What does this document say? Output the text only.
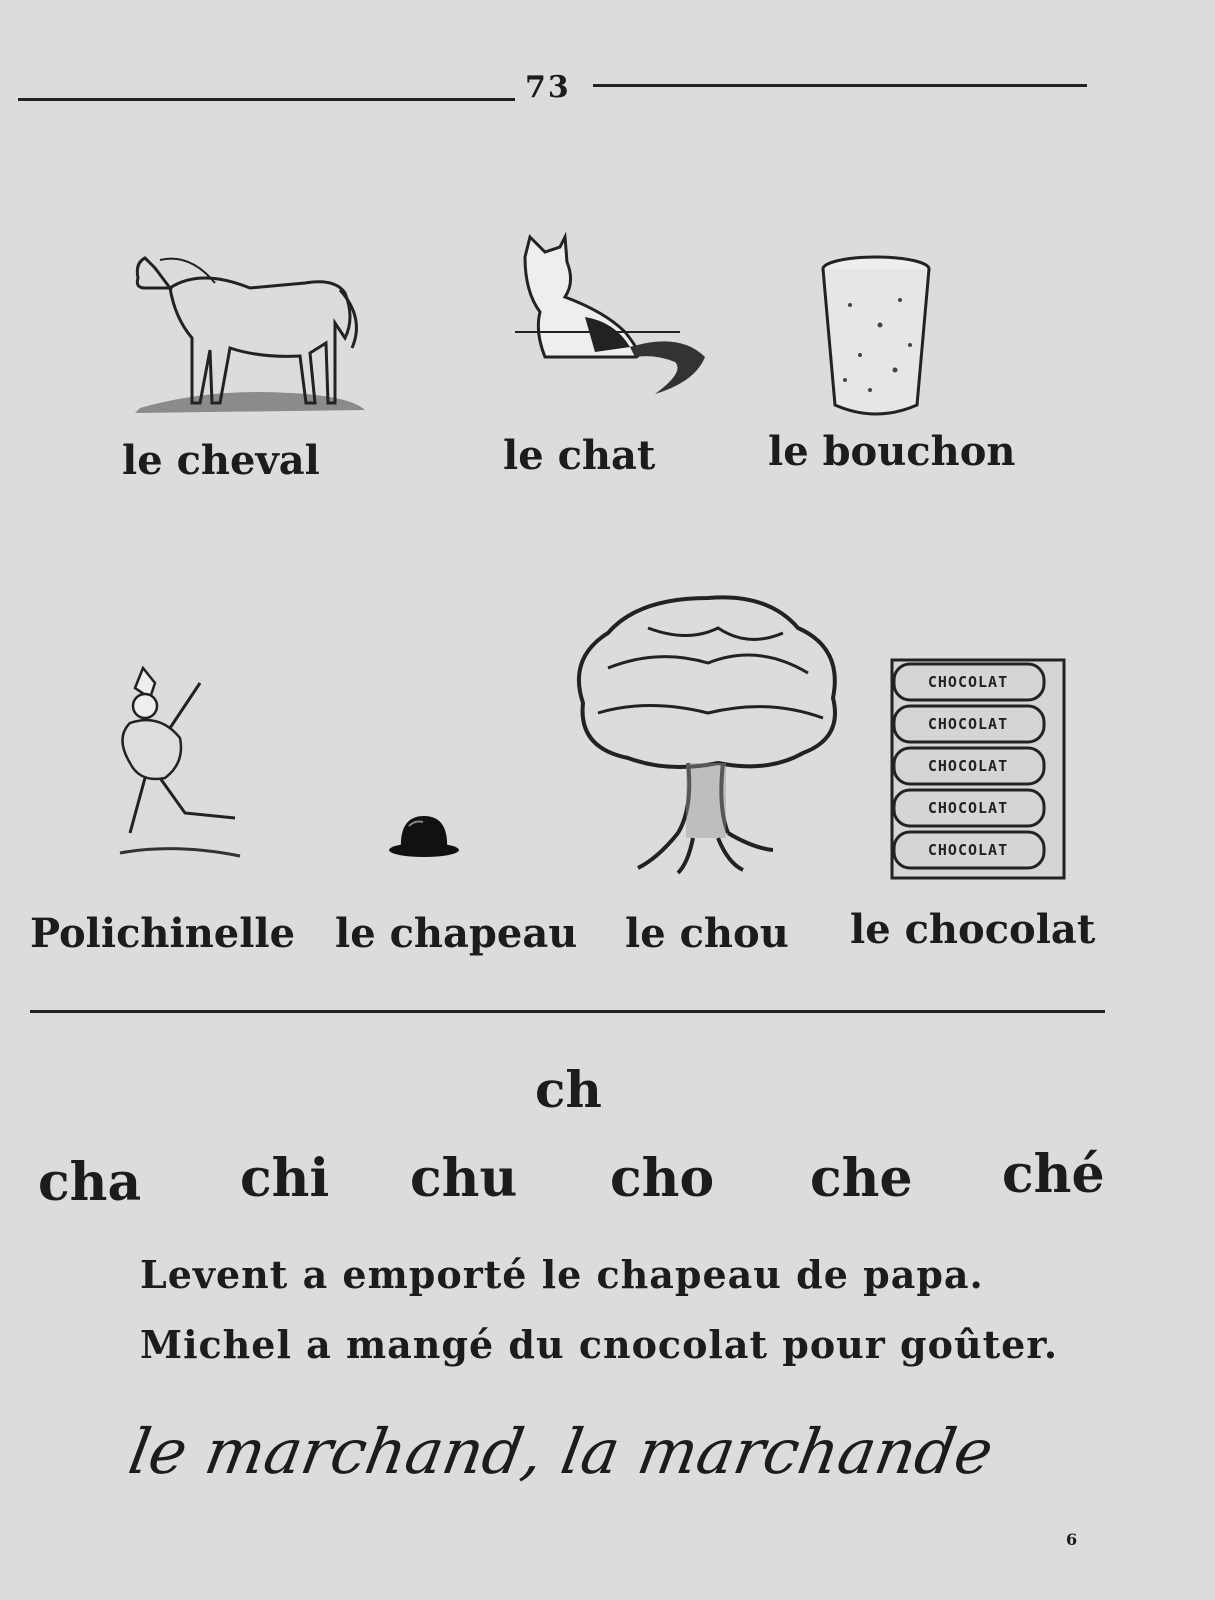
73
le cheval	le chat	le bouchon
CHOCOLAT
CHOCOLAT
CHOCOLAT
CHOCOLAT
CHOCOLAT
Polichinelle le chapeau le chou le chocolat
ch
cha chi chu cho che ché
Levent a emporté le chapeau de papa.
Michel a mangé du cnocolat pour goûter.
le marchand, la marchande
6
